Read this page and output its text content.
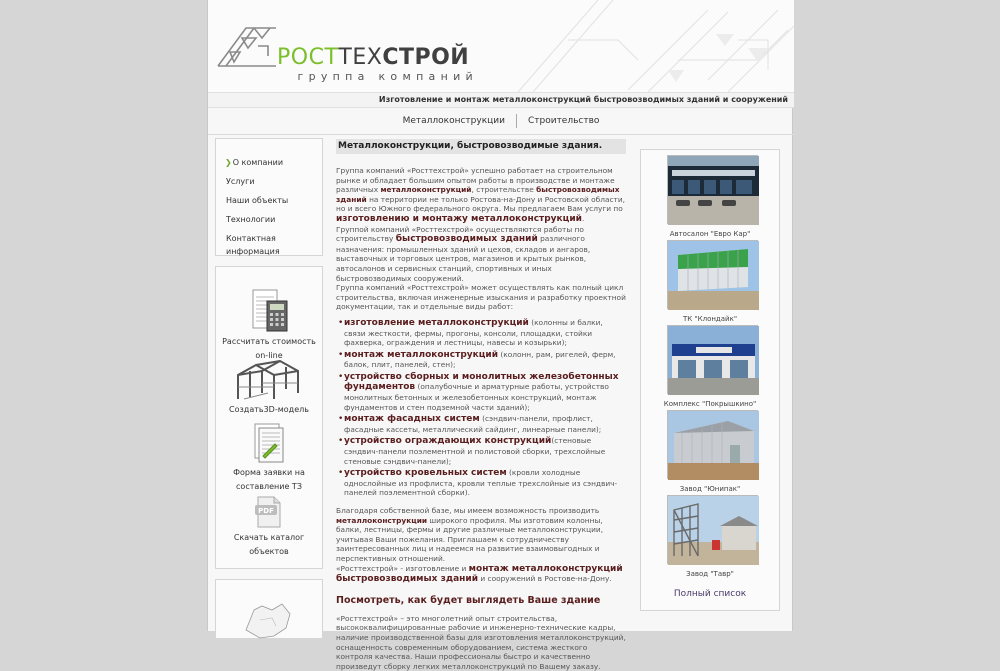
РОСТТЕХСТРОЙ
группа компаний
Изготовление и монтаж металлоконструкций быстровозводимых зданий и сооружений
Металлоконструкции	Строительство
❯О компании
Услуги
Наши объекты
Технологии
Контактная информация
Рассчитать стоимость
on-line
Создать3D-модель
Форма заявки на
составление ТЗ
PDF
Скачать каталог
объектов
Металлоконструкции, быстровозводимые здания.

Группа компаний «Росттехстрой» успешно работает на строительном рынке и обладает большим опытом работы в производстве и монтаже различных металлоконструкций, строительстве быстровозводимых зданий на территории не только Ростова-на-Дону и Ростовской области, но и всего Южного федерального округа. Мы предлагаем Вам услуги по изготовлению и монтажу металлоконструкций.

Группой компаний «Росттехстрой» осуществляются работы по строительству быстровозводимых зданий различного назначения: промышленных зданий и цехов, складов и ангаров, выставочных и торговых центров, магазинов и крытых рынков, автосалонов и сервисных станций, спортивных и иных быстровозводимых сооружений.

Группа компаний «Росттехстрой» может осуществлять как полный цикл строительства, включая инженерные изыскания и разработку проектной документации, так и отдельные виды работ:

• изготовление металлоконструкций (колонны и балки, связи жесткости, фермы, прогоны, консоли, площадки, стойки фахверка, ограждения и лестницы, навесы и козырьки);
• монтаж металлоконструкций (колонн, рам, ригелей, ферм, балок, плит, панелей, стен);
• устройство сборных и монолитных железобетонных фундаментов (опалубочные и арматурные работы, устройство монолитных бетонных и железобетонных конструкций, монтаж фундаментов и стен подземной части зданий);
• монтаж фасадных систем (сэндвич-панели, профлист, фасадные кассеты, металлический сайдинг, линеарные панели);
• устройство ограждающих конструкций(стеновые сэндвич-панели поэлементной и полистовой сборки, трехслойные стеновые сэндвич-панели);
• устройство кровельных систем (кровли холодные однослойные из профлиста, кровли теплые трехслойные из сэндвич-панелей поэлементной сборки).

Благодаря собственной базе, мы имеем возможность производить металлоконструкции широкого профиля. Мы изготовим колонны, балки, лестницы, фермы и другие различные металлоконструкции, учитывая Ваши пожелания. Приглашаем к сотрудничеству заинтересованных лиц и надеемся на развитие взаимовыгодных и перспективных отношений.

«Росттехстрой» - изготовление и монтаж металлоконструкций быстровозводимых зданий и сооружений в Ростове-на-Дону.

Посмотреть, как будет выглядеть Ваше здание

«Росттехстрой» – это многолетний опыт строительства, высококвалифицированные рабочие и инженерно-технические кадры, наличие производственной базы для изготовления металлоконструкций, оснащенность современным оборудованием, система жесткого контроля качества. Наши профессионалы быстро и качественно произведут сборку легких металлоконструкций по Вашему заказу.

Автосалон "Евро Кар"
ТК "Клондайк"
Комплекс "Покрышкино"
Завод "Юнипак"
Завод "Тавр"
Полный список
